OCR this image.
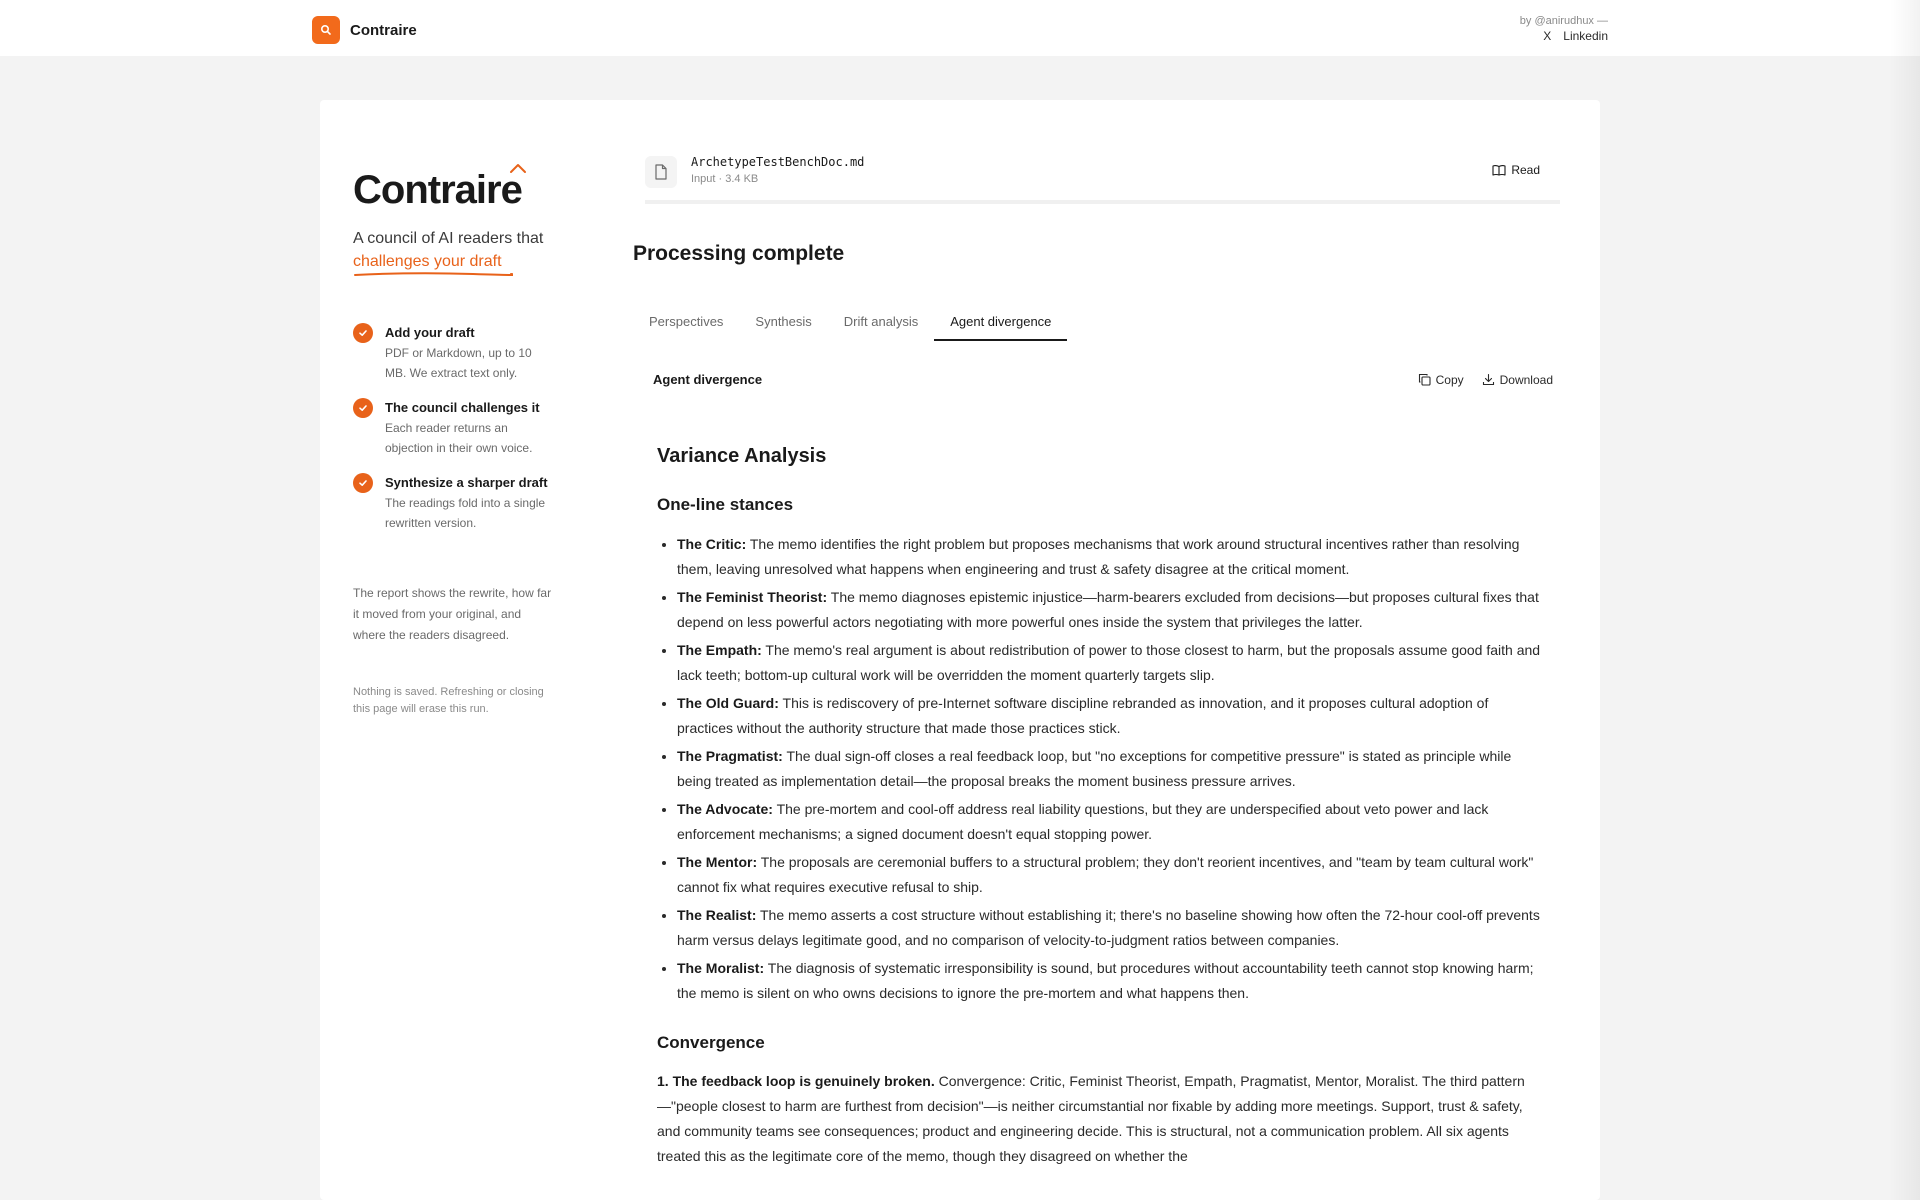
Contraire
by @anirudhux —
X Linkedin
Contraire
A council of AI readers that
challenges your draft
Add your draft
PDF or Markdown, up to 10 MB. We extract text only.
The council challenges it
Each reader returns an objection in their own voice.
Synthesize a sharper draft
The readings fold into a single rewritten version.
The report shows the rewrite, how far it moved from your original, and where the readers disagreed.
Nothing is saved. Refreshing or closing this page will erase this run.
ArchetypeTestBenchDoc.md
Input · 3.4 KB
Read
Processing complete
Perspectives	Synthesis	Drift analysis	Agent divergence
Agent divergence	Copy	Download
Variance Analysis
One-line stances
• The Critic: The memo identifies the right problem but proposes mechanisms that work around structural incentives rather than resolving them, leaving unresolved what happens when engineering and trust & safety disagree at the critical moment.
• The Feminist Theorist: The memo diagnoses epistemic injustice—harm-bearers excluded from decisions—but proposes cultural fixes that depend on less powerful actors negotiating with more powerful ones inside the system that privileges the latter.
• The Empath: The memo's real argument is about redistribution of power to those closest to harm, but the proposals assume good faith and lack teeth; bottom-up cultural work will be overridden the moment quarterly targets slip.
• The Old Guard: This is rediscovery of pre-Internet software discipline rebranded as innovation, and it proposes cultural adoption of practices without the authority structure that made those practices stick.
• The Pragmatist: The dual sign-off closes a real feedback loop, but "no exceptions for competitive pressure" is stated as principle while being treated as implementation detail—the proposal breaks the moment business pressure arrives.
• The Advocate: The pre-mortem and cool-off address real liability questions, but they are underspecified about veto power and lack enforcement mechanisms; a signed document doesn't equal stopping power.
• The Mentor: The proposals are ceremonial buffers to a structural problem; they don't reorient incentives, and "team by team cultural work" cannot fix what requires executive refusal to ship.
• The Realist: The memo asserts a cost structure without establishing it; there's no baseline showing how often the 72-hour cool-off prevents harm versus delays legitimate good, and no comparison of velocity-to-judgment ratios between companies.
• The Moralist: The diagnosis of systematic irresponsibility is sound, but procedures without accountability teeth cannot stop knowing harm; the memo is silent on who owns decisions to ignore the pre-mortem and what happens then.
Convergence

1. The feedback loop is genuinely broken. Convergence: Critic, Feminist Theorist, Empath, Pragmatist, Mentor, Moralist. The third pattern—"people closest to harm are furthest from decision"—is neither circumstantial nor fixable by adding more meetings. Support, trust & safety, and community teams see consequences; product and engineering decide. This is structural, not a communication problem. All six agents treated this as the legitimate core of the memo, though they disagreed on whether the
